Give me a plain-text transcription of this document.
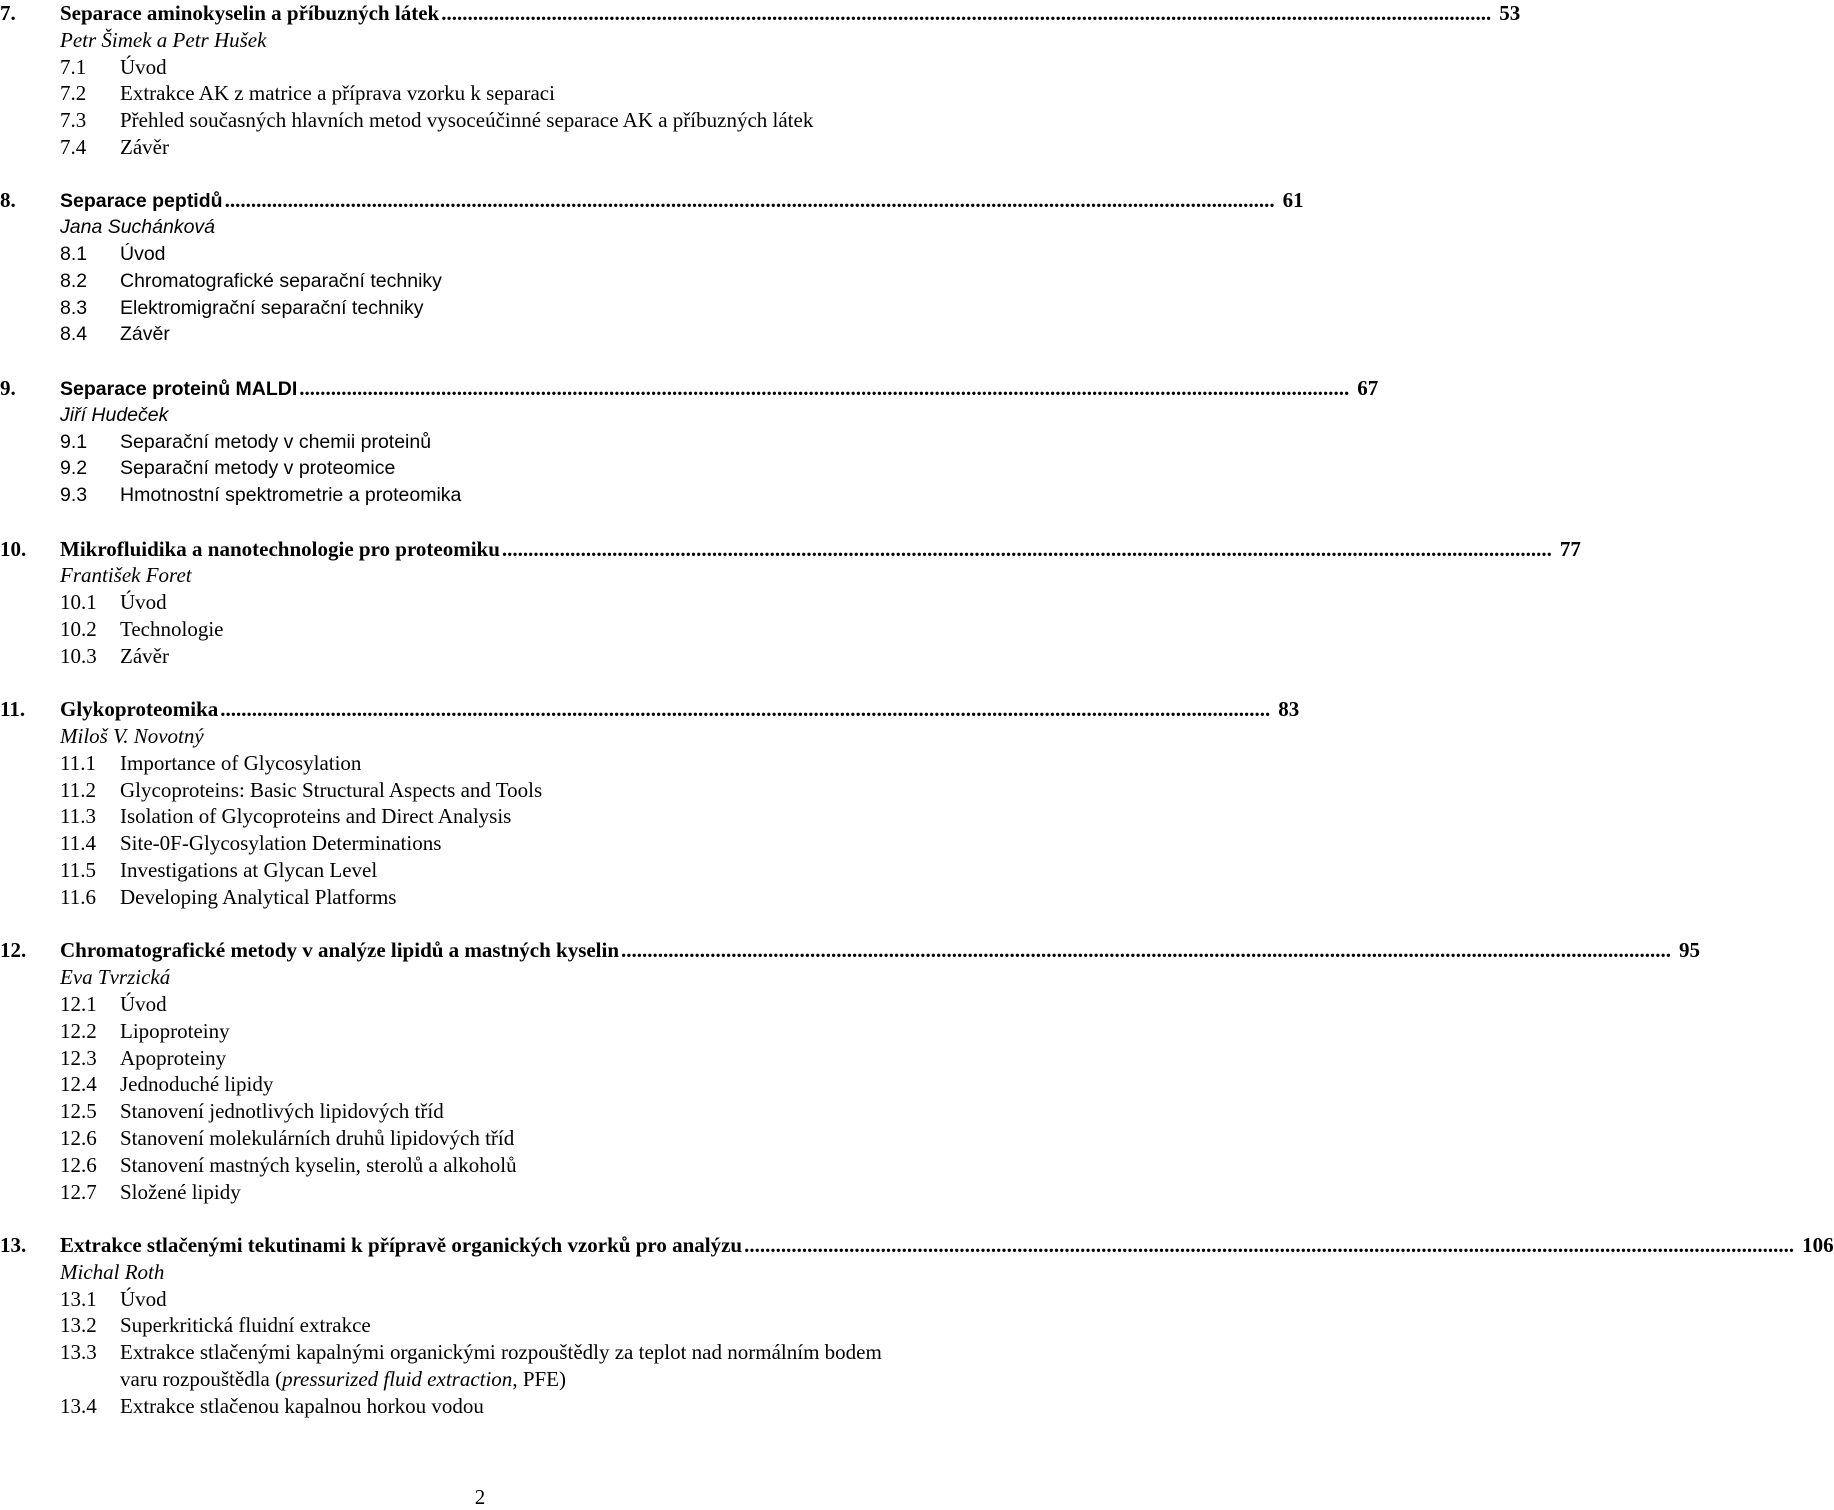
7.	Separace aminokyselin a příbuzných látek ........................................................................................................................................................................................................ 53
Petr Šimek a Petr Hušek
7.1	Úvod
7.2	Extrakce AK z matrice a příprava vzorku k separaci
7.3	Přehled současných hlavních metod vysoceúčinné separace AK a příbuzných látek
7.4	Závěr
8.	Separace peptidů ........................................................................................................................................................................................................ 61
Jana Suchánková
8.1	Úvod
8.2	Chromatografické separační techniky
8.3	Elektromigrační separační techniky
8.4	Závěr
9.	Separace proteinů MALDI ........................................................................................................................................................................................................ 67
Jiří Hudeček
9.1	Separační metody v chemii proteinů
9.2	Separační metody v proteomice
9.3	Hmotnostní spektrometrie a proteomika
10.	Mikrofluidika a nanotechnologie pro proteomiku ........................................................................................................................................................................................................ 77
František Foret
10.1	Úvod
10.2	Technologie
10.3	Závěr
11.	Glykoproteomika ........................................................................................................................................................................................................ 83
Miloš V. Novotný
11.1	Importance of Glycosylation
11.2	Glycoproteins: Basic Structural Aspects and Tools
11.3	Isolation of Glycoproteins and Direct Analysis
11.4	Site-0F-Glycosylation Determinations
11.5	Investigations at Glycan Level
11.6	Developing Analytical Platforms
12.	Chromatografické metody v analýze lipidů a mastných kyselin ........................................................................................................................................................................................................ 95
Eva Tvrzická
12.1	Úvod
12.2	Lipoproteiny
12.3	Apoproteiny
12.4	Jednoduché lipidy
12.5	Stanovení jednotlivých lipidových tříd
12.6	Stanovení molekulárních druhů lipidových tříd
12.6	Stanovení mastných kyselin, sterolů a alkoholů
12.7	Složené lipidy
13.	Extrakce stlačenými tekutinami k přípravě organických vzorků pro analýzu ........................................................................................................................................................................................................ 106
Michal Roth
13.1	Úvod
13.2	Superkritická fluidní extrakce
13.3	Extrakce stlačenými kapalnými organickými rozpouštědly za teplot nad normálním bodem varu rozpouštědla (pressurized fluid extraction, PFE)
13.4	Extrakce stlačenou kapalnou horkou vodou
2
